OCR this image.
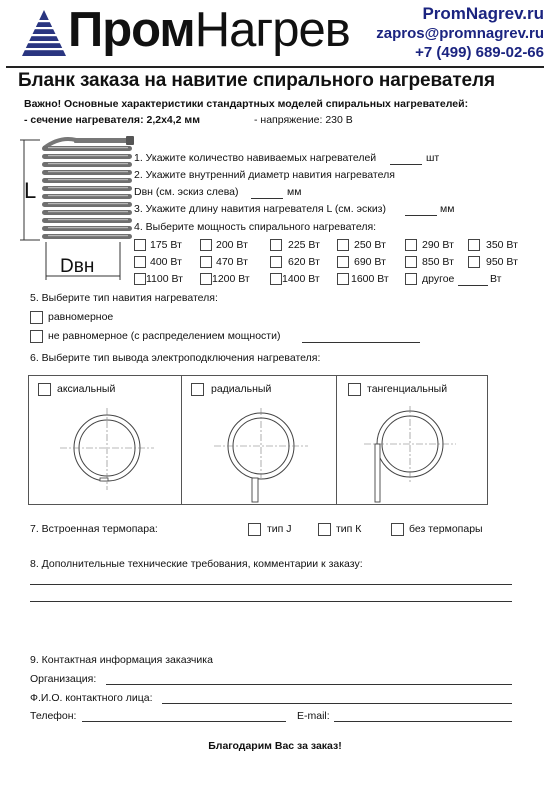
ПромНагрев	PromNagrev.ru
zapros@promnagrev.ru
+7 (499) 689-02-66
Бланк заказа на навитие спирального нагревателя
Важно! Основные характеристики стандартных моделей спиральных нагревателей:
- сечение нагревателя: 2,2х4,2 мм	- напряжение: 230 В
L
Dвн
1. Укажите количество навиваемых нагревателей	шт
2. Укажите внутренний диаметр навития нагревателя
Dвн (см. эскиз слева)	мм
3. Укажите длину навития нагревателя L (см. эскиз)	мм
4. Выберите мощность спирального нагревателя:
175 Вт	200 Вт	225 Вт	250 Вт	290 Вт	350 Вт
400 Вт	470 Вт	620 Вт	690 Вт	850 Вт	950 Вт
1100 Вт	1200 Вт	1400 Вт	1600 Вт	другое	Вт
5. Выберите тип навития нагревателя:
равномерное
не равномерное (с распределением мощности)
6. Выберите тип вывода электроподключения нагревателя:
аксиальный	радиальный	тангенциальный
7. Встроенная термопара:	тип J	тип К	без термопары
8. Дополнительные технические требования, комментарии к заказу:
9. Контактная информация заказчика
Организация:
Ф.И.О. контактного лица:
Телефон:	E-mail:
Благодарим Вас за заказ!
